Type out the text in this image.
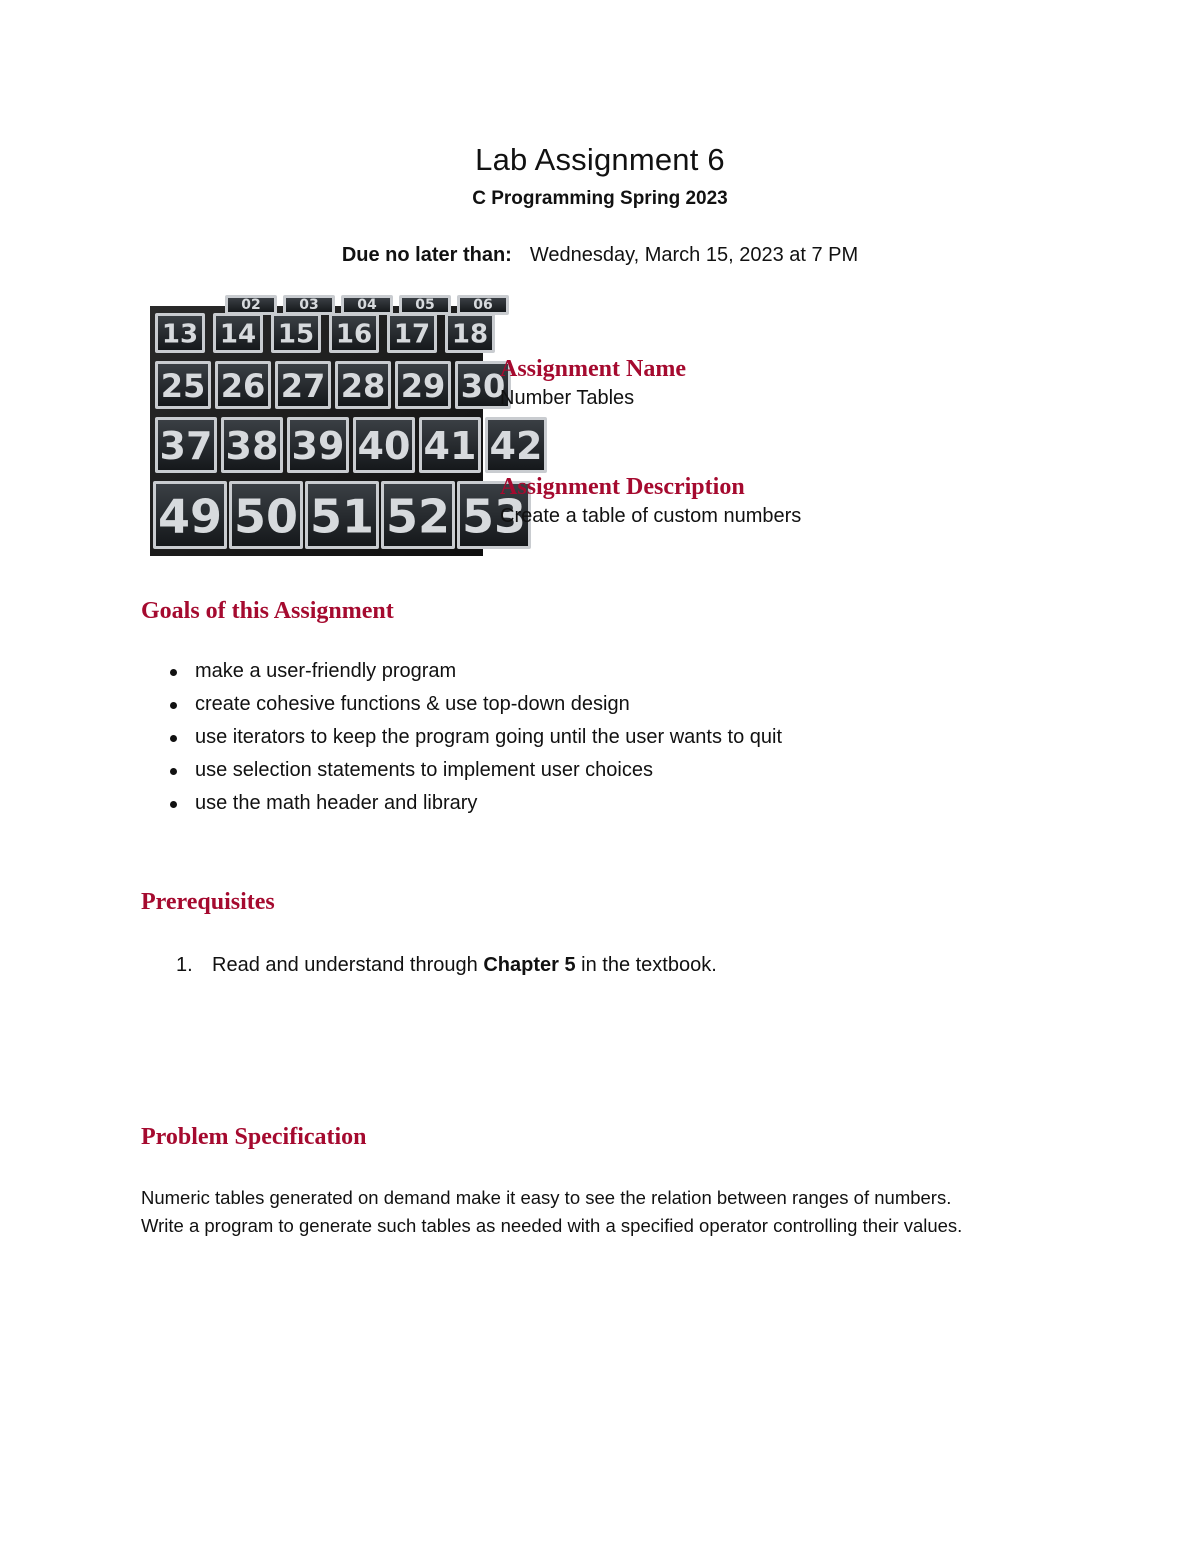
Lab Assignment 6
C Programming Spring 2023
Due no later than: Wednesday, March 15, 2023 at 7 PM
02	03	04	05	06
13 14 15 16 17 18
25 26 27 28 29 30
37 38 39 40 41 42
49 50 51 52 53
Assignment Name

Number Tables

Assignment Description

Create a table of custom numbers

Goals of this Assignment
make a user-friendly program
create cohesive functions & use top-down design
use iterators to keep the program going until the user wants to quit
use selection statements to implement user choices
use the math header and library
Prerequisites
1. Read and understand through Chapter 5 in the textbook.
Problem Specification
Numeric tables generated on demand make it easy to see the relation between ranges of numbers.
Write a program to generate such tables as needed with a specified operator controlling their values.
